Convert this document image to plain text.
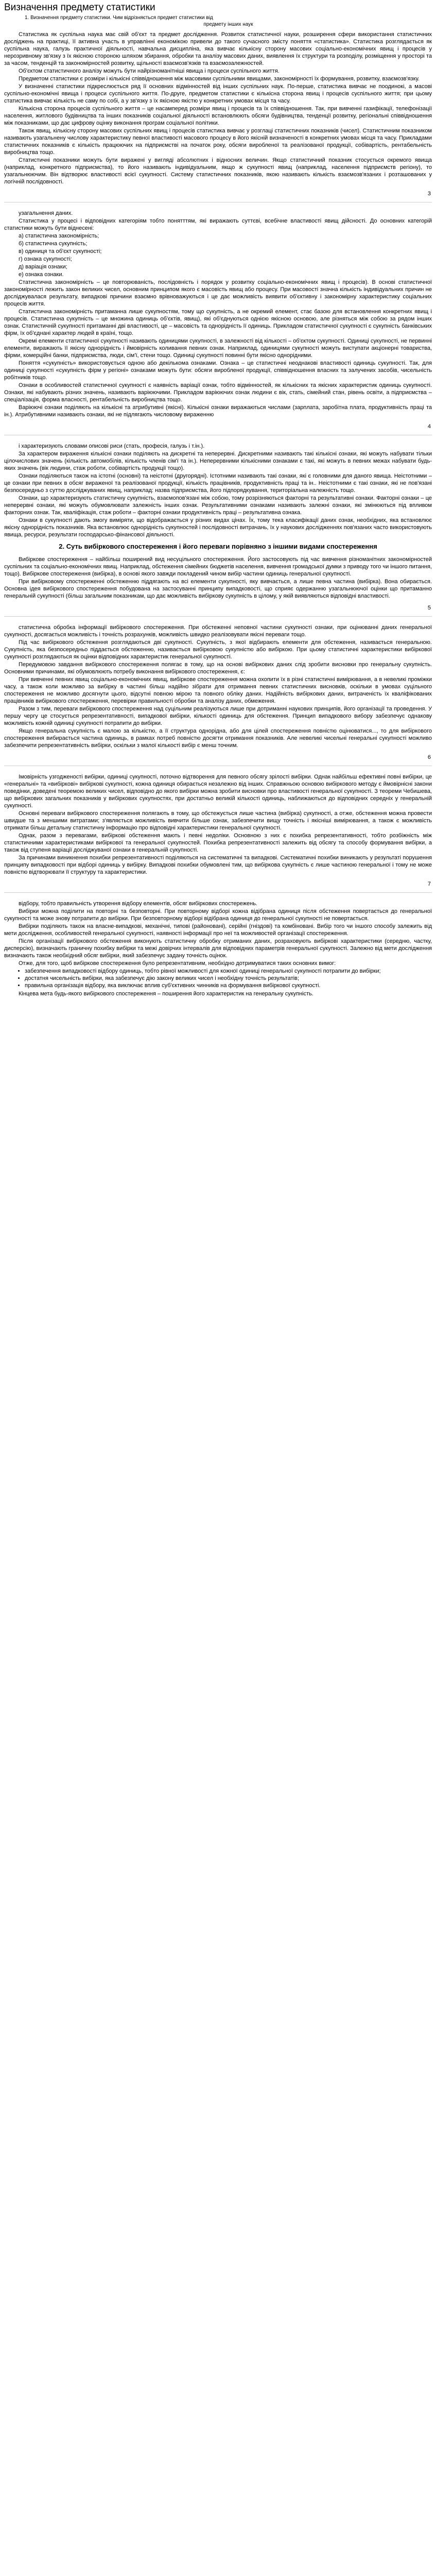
Визначення предмету статистики
1. Визначення предмету статистики. Чим відрізняється предмет статистики від
предмету інших наук

Статистика як суспільна наука має свій об'єкт та предмет дослідження. Розвиток статистичної науки, розширення сфери використання статистичних досліджень на практиці, її активна участь в управлінні економікою привели до такого сучасного змісту поняття «статистика». Статистика розглядається як суспільна наука, галузь практичної діяльності, навчальна дисципліна, яка вивчає кількісну сторону масових соціально-економічних явищ і процесів у нерозривному зв'язку з їх якісною стороною шляхом збирання, обробки та аналізу масових даних, виявлення їх структури та розподілу, розміщення у просторі та за часом, тенденцій та закономірностей розвитку, щільності взаємозв'язків та взаємозалежностей.

Об'єктом статистичного аналізу можуть бути найрізноманітніші явища і процеси суспільного життя.

Предметом статистики є розміри і кількісні співвідношення між масовими суспільними явищами, закономірності їх формування, розвитку, взаємозв'язку.

У визначенні статистики підкреслюється ряд її основних відмінностей від інших суспільних наук. По-перше, статистика вивчає не поодинокі, а масові суспільно-економічні явища і процеси суспільного життя. По-друге, предметом статистики є кількісна сторона явищ і процесів суспільного життя; при цьому статистика вивчає кількість не саму по собі, а у зв'язку з їх якісною якістю у конкретних умовах місця та часу.

Кількісна сторона процесів суспільного життя – це насамперед розміри явищ і процесів та їх співвідношення. Так, при вивченні газифікації, телефонізації населення, житлового будівництва та інших показників соціальної діяльності встановлюють обсяги будівництва, тенденції розвитку, регіональні співвідношення між показниками, що дає цифрову оцінку виконання програм соціальної політики.

Також явищ, кількісну сторону масових суспільних явищ і процесів статистика вивчає у розглаці статистичних показників (чисел). Статистичним показником називають узагальнену числову характеристику певної властивості масового процесу в його якісній визначеності в конкретних умовах місця та часу. Прикладами статистичних показників є кількість працюючих на підприємстві на початок року, обсяги виробленої та реалізованої продукції, собівартість, рентабельність виробництва тощо.

Статистичні показники можуть бути виражені у вигляді абсолютних і відносних величин. Якщо статистичний показник стосується окремого явища (наприклад, конкретного підприємства), то його називають індивідуальним, якщо ж сукупності явищ (наприклад, населення підприємств регіону), то узагальнюючим. Він відтворює властивості всієї сукупності. Систему статистичних показників, якою називають кількість взаємозв'язаних і розташованих у логічній послідовності.

3

узагальнення даних.

Статистика у процесі і відповідних категоріям тобто понятттям, які виражають суттєві, всебічне властивості явищ дійсності. До основних категорій статистики можуть бути віднесені:

а) статистична закономірність;

б) статистична сукупність;

в) одиниця та об'єкт сукупності;

г) ознака сукупності;

д) варіація ознаки;

е) ознака ознаки.

Статистична закономірність – це повторюваність, послідовність і порядок у розвитку соціально-економічних явищ і процесів). В основі статистичної закономірності лежить закон великих чисел, основним принципом якого є масовість явищ або процесу. При масовості значна кількість індивідуальних причин не досліджувалася результату, випадкові причини взаємно врівноважуються і це дає можливість виявити об'єктивну і закономірну характеристику соціальних процесів життя.

Статистична закономірність притаманна лише сукупностям, тому що сукупність, а не окремий елемент, стає базою для встановлення конкретних явищ і процесів. Статистична сукупність – це множина одиниць об'єктів, явищ), які об'єднуються однією якісною основою, але різняться між собою за рядом інших ознак. Статистичній сукупності притаманні дві властивості, це – масовість та однорідність її одиниць. Прикладом статистичної сукупності є сукупність банківських фірм, їх об'єднані характер людей в країні, тощо.

Окремі елементи статистичної сукупності називають одиницями сукупності, в залежності від кількості – об'єктом сукупності. Одиниці сукупності, не первинні елементи, виражають її якісну однорідність і ймовірність коливання певних ознак. Наприклад, одиницями сукупності можуть виступати акціонерні товариства, фірми, комерційні банки, підприємства, люди, сім'ї, стени тощо. Одиниці сукупності повинні бути якісно однорідними.

Поняття «сукупність» використовується одною або декількома ознаками. Ознака – це статистичні неоднакові властивості одиниць сукупності. Так, для одиниці сукупності «сукупність фірм у регіоні» ознаками можуть бути: обсяги виробленої продукції, співвідношення власних та залучених засобів, чисельність робітників тощо.

Ознаки в особливостей статистичної сукупності є наявність варіації ознак, тобто відмінностей, як кількісних та якісних характеристик одиниць сукупності. Ознаки, які набувають різних значень, називають варіюючими. Прикладом варіюючих ознак людини є вік, стать, сімейний стан, рівень освіти, а підприємства – спеціалізація, форма власності, рентабельність виробництва тощо.

Варіюючі ознаки поділяють на кількісні та атрибутивні (якісні). Кількісні ознаки виражаються числами (зарплата, заробітна плата, продуктивність праці та ін.). Атрибутивними називають ознаки, які не підлягають числовому вираженню

4

і характеризують словами описові риси (стать, професія, галузь і т.ін.).

За характером вираження кількісні ознаки поділяють на дискретні та неперервні. Дискретними називають такі кількісні ознаки, які можуть набувати тільки цілочислових значень (кількість автомобілів, кількість членів сім'ї та ін.). Неперервними кількісними ознаками є такі, які можуть в певних межах набувати будь-яких значень (вік людини, стаж роботи, собівартість продукції тощо).

Ознаки поділяються також на істотні (основні) та неістотні (другорядні). Істотними називають такі ознаки, які є головними для даного явища. Неістотними – це ознаки при певних в обсяг вираженої та реалізованої продукції, кількість працівників, продуктивність праці та ін.. Неістотними є такі ознаки, які не пов'язані безпосередньо з суттю досліджуваних явищ, наприклад: назва підприємства, його підпорядкування, територіальна належність тощо.

Ознаки, що характеризують статистичну сукупність, взаємопов'язані між собою, тому розрізняються факторні та результативні ознаки. Факторні ознаки – це неперервні ознаки, які можуть обумовлювати залежність інших ознак. Результативними ознаками називають залежні ознаки, які змінюються під впливом факторних ознак. Так, кваліфікація, стаж роботи – факторні ознаки продуктивність праці – результативна ознака.

Ознаки в сукупності дають змогу виміряти, що відображається у різних видах цінах. Їх, тому тека класифікації даних ознак, необхідних, яка встановлює якісну однорідність показників. Яка встановлює однорідність сукупностей і послідовності витрачань, їх у наукових дослідженнях пов'язаних часто використовують явища, ресурси, результати господарсько-фінансової діяльності.

2. Суть вибіркового спостереження і його переваги порівняно з іншими видами спостереження

Вибіркове спостереження – найбільш поширений вид несуцільного спостереження. Його застосовують під час вивчення різноманітних закономірностей суспільних та соціально-економічних явищ. Наприклад, обстеження сімейних бюджетів населення, вивчення громадської думки з приводу того чи іншого питання, тощо). Вибіркове спостереження (вибірка), в основі якого завжди покладений чином вибір частини одиниць генеральної сукупності.

При вибірковому спостереженні обстеженню піддягають на всі елементи сукупності, яку вивчається, а лише певна частина (вибірка). Вона обирається. Основна ідея вибіркового спостереження побудована на застосуванні принципу випадковості, що сприяє одержанню узагальнюючої оцінки що притаманно генеральній сукупності (більш загальним показникам, що дає можливість вибіркову сукупність в цілому, у якій виявляються відповідні властивості.

5

статистична обробка інформації вибіркового спостереження. При обстеженні неповної частини сукупності ознаки, при оцінюванні даних генеральної сукупності, досягається можливість і точність розрахунків, можливість швидко реалізовувати якісні переваги тощо.

Під час вибіркового обстеження розглядаються дві сукупності. Сукупність, з якої відбирають елементи для обстеження, називається генеральною. Сукупність, яка безпосередньо піддається обстеженню, називається вибірковою сукупністю або вибіркою. При цьому статистичні характеристики вибіркової сукупності розглядаються як оцінки відповідних характеристик генеральної сукупності.

Передумовою завдання вибіркового спостереження полягає в тому, що на основі вибіркових даних слід зробити висновки про генеральну сукупність. Основними причинами, які обумовлюють потребу виконання вибіркового спостереження, є:

При вивченні певних явищ соціально-економічних явищ, вибіркове спостереження можна охопити їх в різні статистичні вимірювання, а в невеликі проміжки часу, а також коли можливо за вибірку в частині більш надійно зібрати для отримання певних статистичних висновків, оскільки в умовах суцільного спостереження не можливо досягнути цього, відсутні повною мірою та повного обліку даних. Надійність вибіркових даних, витраченість їх кваліфікованих працівників вибіркового спостереження, перевірки правильності обробки та аналізу даних, обмеження.

Разом з тим, переваги вибіркового спостереження над суцільним реалізуються лише при дотриманні наукових принципів, його організації та проведення. У першу чергу це стосується репрезентативності, випадкової вибірки, кількості одиниць для обстеження. Принцип випадкового вибору забезпечує однакову можливість кожній одиниці сукупності потрапити до вибірки.

Якщо генеральна сукупність є малою за кількістю, а її структура однорідна, або для цілей спостереження повністю оцінюватися..., то для вибіркового спостереження вибирається частина одиниць, в рамках потреб повністю досягти отримання показників. Але невеликі чисельні генеральні сукупності можливо забезпечити репрезентативність вибірки, оскільки з малої кількості вибір є менш точним.

6

Імовірність узгодженості вибірки, одиниці сукупності, поточно відтворення для певного обсягу зрілості вибірки. Однак найбільш ефективні повні вибірки, це «генеральні» та «вибіркові» вибіркові сукупності, кожна одиниця обирається незалежно від інших. Справжньою основою вибіркового методу є ймовірнісні закони поведінки, доведені теоремою великих чисел, відповідно до якого вибірки можна зробити висновки про властивості генеральної сукупності. З теореми Чебишева, що вибіркових загальних показників у вибіркових сукупностях, при достатньо великій кількості одиниць, наближаються до відповідних середніх у генеральній сукупності.

Основні переваги вибіркового спостереження полягають в тому, що обстежується лише частина (вибірка) сукупності, а отже, обстеження можна провести швидше та з меншими витратами; з'являється можливість вивчити більше ознак, забезпечити вищу точність і якісніші вимірювання, а також є можливість отримати більш детальну статистичну інформацію про відповідні характеристики генеральної сукупності.

Однак, разом з перевагами, вибіркові обстеження мають і певні недоліки. Основною з них є похибка репрезентативності, тобто розбіжність між статистичними характеристиками вибіркової та генеральної сукупностей. Похибка репрезентативності залежить від обсягу та способу формування вибірки, а також від ступеня варіації досліджуваної ознаки в генеральній сукупності.

За причинами виникнення похибки репрезентативності поділяються на систематичні та випадкові. Систематичні похибки виникають у результаті порушення принципу випадковості при відборі одиниць у вибірку. Випадкові похибки обумовлені тим, що вибіркова сукупність є лише частиною генеральної і тому не може повністю відтворювати її структуру та характеристики.

7

відбору, тобто правильність утворення відбору елементів, обсяг вибіркових спостережень.

Вибірки можна поділити на повторні та безповторні. При повторному відборі кожна відібрана одиниця після обстеження повертається до генеральної сукупності та може знову потрапити до вибірки. При безповторному відборі відібрана одиниця до генеральної сукупності не повертається.

Вибірки поділяють також на власне-випадкові, механічні, типові (районовані), серійні (гніздові) та комбіновані. Вибір того чи іншого способу залежить від мети дослідження, особливостей генеральної сукупності, наявності інформації про неї та можливостей організації спостереження.

Після організації вибіркового обстеження виконують статистичну обробку отриманих даних, розраховують вибіркові характеристики (середню, частку, дисперсію), визначають граничну похибку вибірки та межі довірчих інтервалів для відповідних параметрів генеральної сукупності. Залежно від мети дослідження визначають також необхідний обсяг вибірки, який забезпечує задану точність оцінок.

Отже, для того, щоб вибіркове спостереження було репрезентативним, необхідно дотримуватися таких основних вимог:

• забезпечення випадковості відбору одиниць, тобто рівної можливості для кожної одиниці генеральної сукупності потрапити до вибірки;
• достатня чисельність вибірки, яка забезпечує дію закону великих чисел і необхідну точність результатів;
• правильна організація відбору, яка виключає вплив суб'єктивних чинників на формування вибіркової сукупності.

Кінцева мета будь-якого вибіркового спостереження – поширення його характеристик на генеральну сукупність.
